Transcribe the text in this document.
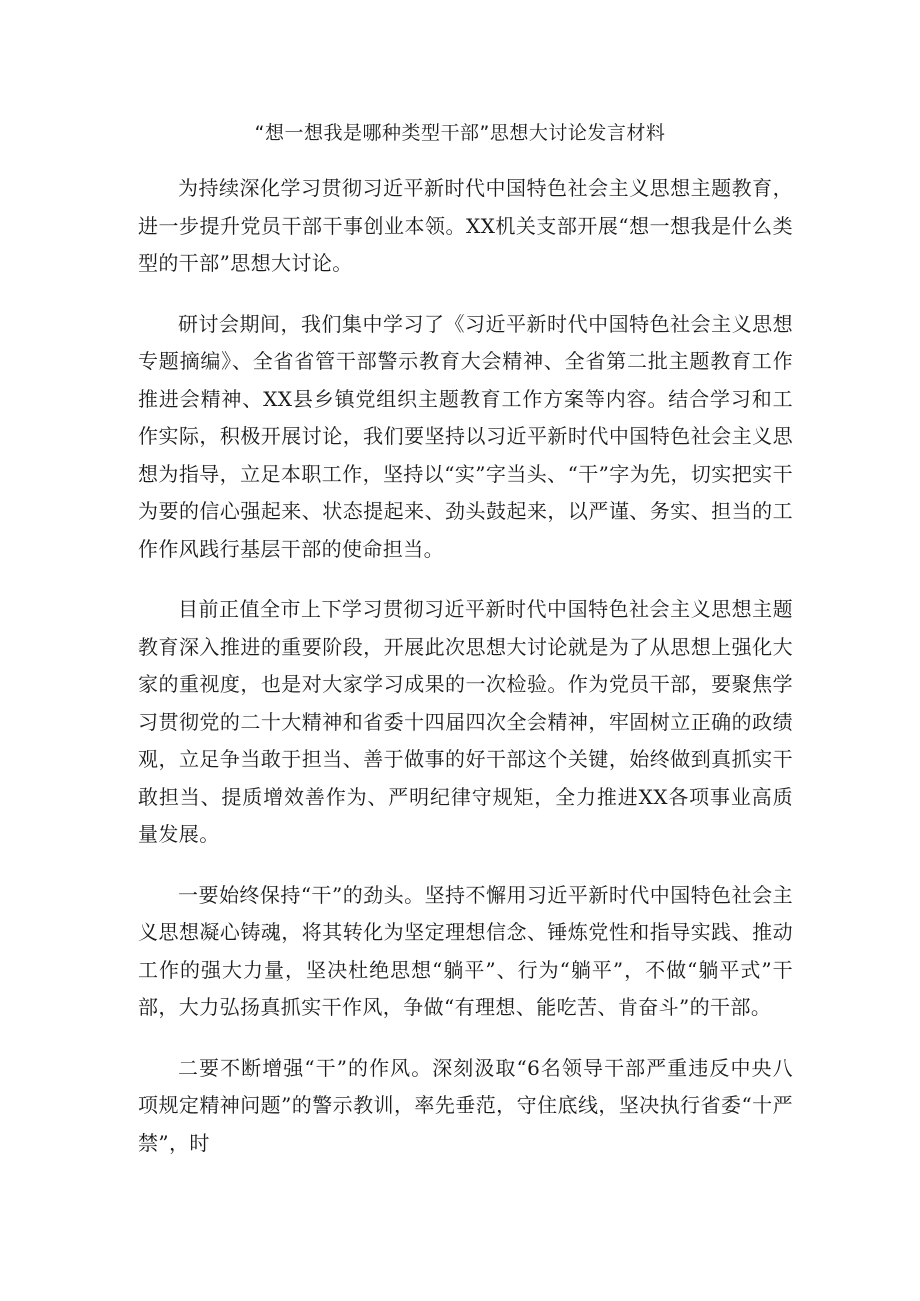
“想一想我是哪种类型干部”思想大讨论发言材料

为持续深化学习贯彻习近平新时代中国特色社会主义思想主题教育，进一步提升党员干部干事创业本领。XX机关支部开展“想一想我是什么类型的干部”思想大讨论。

研讨会期间，我们集中学习了《习近平新时代中国特色社会主义思想专题摘编》、全省省管干部警示教育大会精神、全省第二批主题教育工作推进会精神、XX县乡镇党组织主题教育工作方案等内容。结合学习和工作实际，积极开展讨论，我们要坚持以习近平新时代中国特色社会主义思想为指导，立足本职工作，坚持以“实”字当头、“干”字为先，切实把实干为要的信心强起来、状态提起来、劲头鼓起来，以严谨、务实、担当的工作作风践行基层干部的使命担当。

目前正值全市上下学习贯彻习近平新时代中国特色社会主义思想主题教育深入推进的重要阶段，开展此次思想大讨论就是为了从思想上强化大家的重视度，也是对大家学习成果的一次检验。作为党员干部，要聚焦学习贯彻党的二十大精神和省委十四届四次全会精神，牢固树立正确的政绩观，立足争当敢于担当、善于做事的好干部这个关键，始终做到真抓实干敢担当、提质增效善作为、严明纪律守规矩，全力推进XX各项事业高质量发展。

一要始终保持“干”的劲头。坚持不懈用习近平新时代中国特色社会主义思想凝心铸魂，将其转化为坚定理想信念、锤炼党性和指导实践、推动工作的强大力量，坚决杜绝思想“躺平”、行为“躺平”，不做“躺平式”干部，大力弘扬真抓实干作风，争做“有理想、能吃苦、肯奋斗”的干部。

二要不断增强“干”的作风。深刻汲取“6名领导干部严重违反中央八项规定精神问题”的警示教训，率先垂范，守住底线，坚决执行省委“十严禁”，时
